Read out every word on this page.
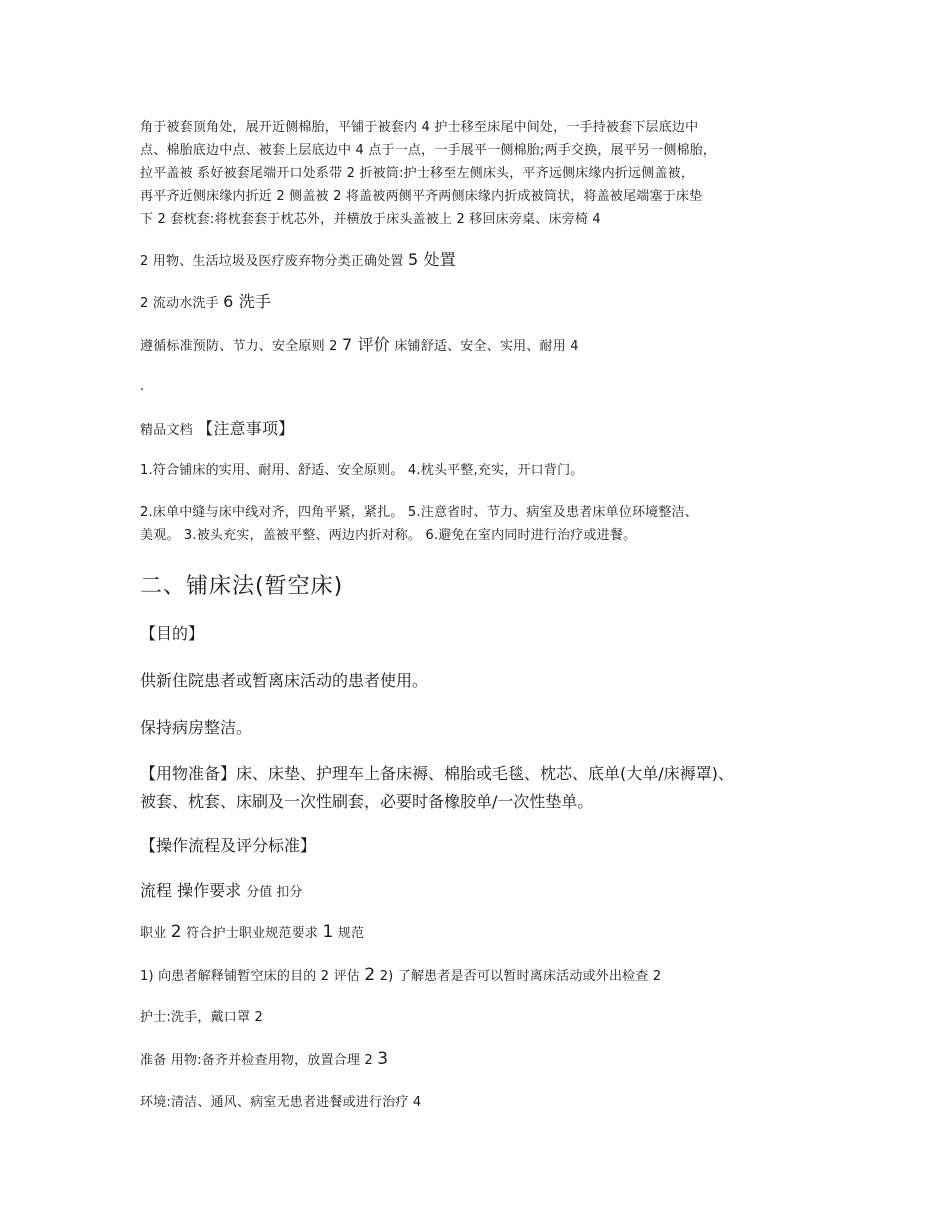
角于被套顶角处，展开近侧棉胎，平铺于被套内 4 护士移至床尾中间处，一手持被套下层底边中

点、棉胎底边中点、被套上层底边中 4 点于一点，一手展平一侧棉胎;两手交换，展平另一侧棉胎，

拉平盖被 系好被套尾端开口处系带 2 折被筒:护士移至左侧床头，平齐远侧床缘内折远侧盖被，

再平齐近侧床缘内折近 2 侧盖被 2 将盖被两侧平齐两侧床缘内折成被筒状，将盖被尾端塞于床垫

下 2 套枕套:将枕套套于枕芯外，并横放于床头盖被上 2 移回床旁桌、床旁椅 4

2 用物、生活垃圾及医疗废弃物分类正确处置 5 处置

2 流动水洗手 6 洗手

遵循标准预防、节力、安全原则 2 7 评价 床铺舒适、安全、实用、耐用 4

.

精品文档 【注意事项】

1.符合铺床的实用、耐用、舒适、安全原则。 4.枕头平整,充实，开口背门。

2.床单中缝与床中线对齐，四角平紧，紧扎。 5.注意省时、节力、病室及患者床单位环境整洁、

美观。 3.被头充实，盖被平整、两边内折对称。 6.避免在室内同时进行治疗或进餐。

二、铺床法(暂空床)

【目的】

供新住院患者或暂离床活动的患者使用。

保持病房整洁。

【用物准备】床、床垫、护理车上备床褥、棉胎或毛毯、枕芯、底单(大单/床褥罩)、

被套、枕套、床刷及一次性刷套，必要时备橡胶单/一次性垫单。

【操作流程及评分标准】

流程 操作要求 分值 扣分

职业 2 符合护士职业规范要求 1 规范

1) 向患者解释铺暂空床的目的 2 评估 2 2) 了解患者是否可以暂时离床活动或外出检查 2

护士:洗手，戴口罩 2

准备 用物:备齐并检查用物，放置合理 2 3

环境:清洁、通风、病室无患者进餐或进行治疗 4
